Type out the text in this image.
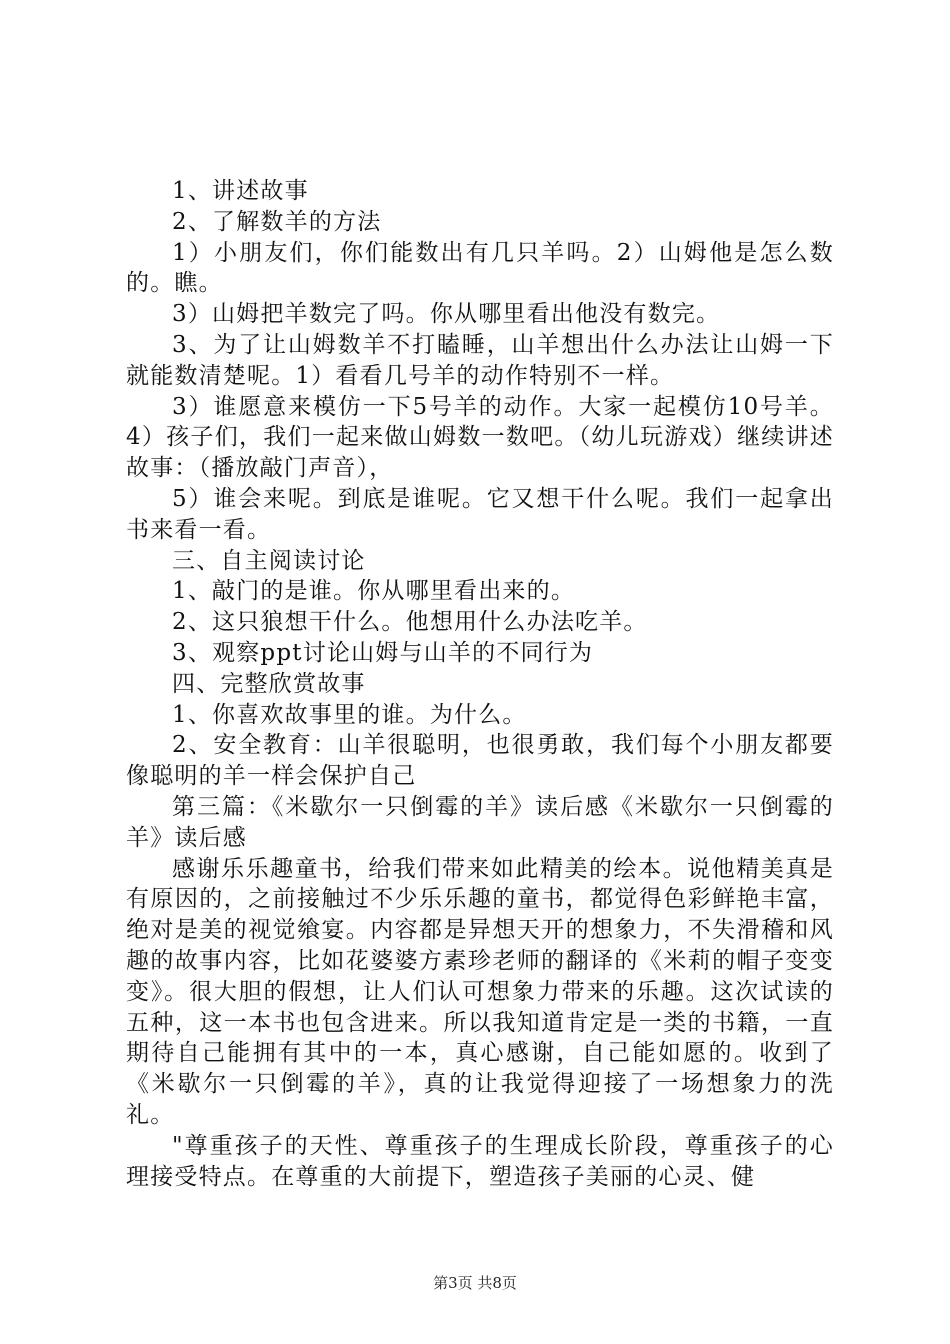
1、讲述故事

2、了解数羊的方法

1）小朋友们，你们能数出有几只羊吗。2）山姆他是怎么数的。瞧。

3）山姆把羊数完了吗。你从哪里看出他没有数完。

3、为了让山姆数羊不打瞌睡，山羊想出什么办法让山姆一下就能数清楚呢。1）看看几号羊的动作特别不一样。

3）谁愿意来模仿一下5号羊的动作。大家一起模仿10号羊。4）孩子们，我们一起来做山姆数一数吧。（幼儿玩游戏）继续讲述故事：（播放敲门声音），

5）谁会来呢。到底是谁呢。它又想干什么呢。我们一起拿出书来看一看。

三、自主阅读讨论

1、敲门的是谁。你从哪里看出来的。

2、这只狼想干什么。他想用什么办法吃羊。

3、观察ppt讨论山姆与山羊的不同行为

四、完整欣赏故事

1、你喜欢故事里的谁。为什么。

2、安全教育：山羊很聪明，也很勇敢，我们每个小朋友都要像聪明的羊一样会保护自己

第三篇：《米歇尔一只倒霉的羊》读后感《米歇尔一只倒霉的羊》读后感

感谢乐乐趣童书，给我们带来如此精美的绘本。说他精美真是有原因的，之前接触过不少乐乐趣的童书，都觉得色彩鲜艳丰富，绝对是美的视觉飨宴。内容都是异想天开的想象力，不失滑稽和风趣的故事内容，比如花婆婆方素珍老师的翻译的《米莉的帽子变变变》。很大胆的假想，让人们认可想象力带来的乐趣。这次试读的五种，这一本书也包含进来。所以我知道肯定是一类的书籍，一直期待自己能拥有其中的一本，真心感谢，自己能如愿的。收到了《米歇尔一只倒霉的羊》，真的让我觉得迎接了一场想象力的洗礼。

"尊重孩子的天性、尊重孩子的生理成长阶段，尊重孩子的心理接受特点。在尊重的大前提下，塑造孩子美丽的心灵、健

第3页 共8页
